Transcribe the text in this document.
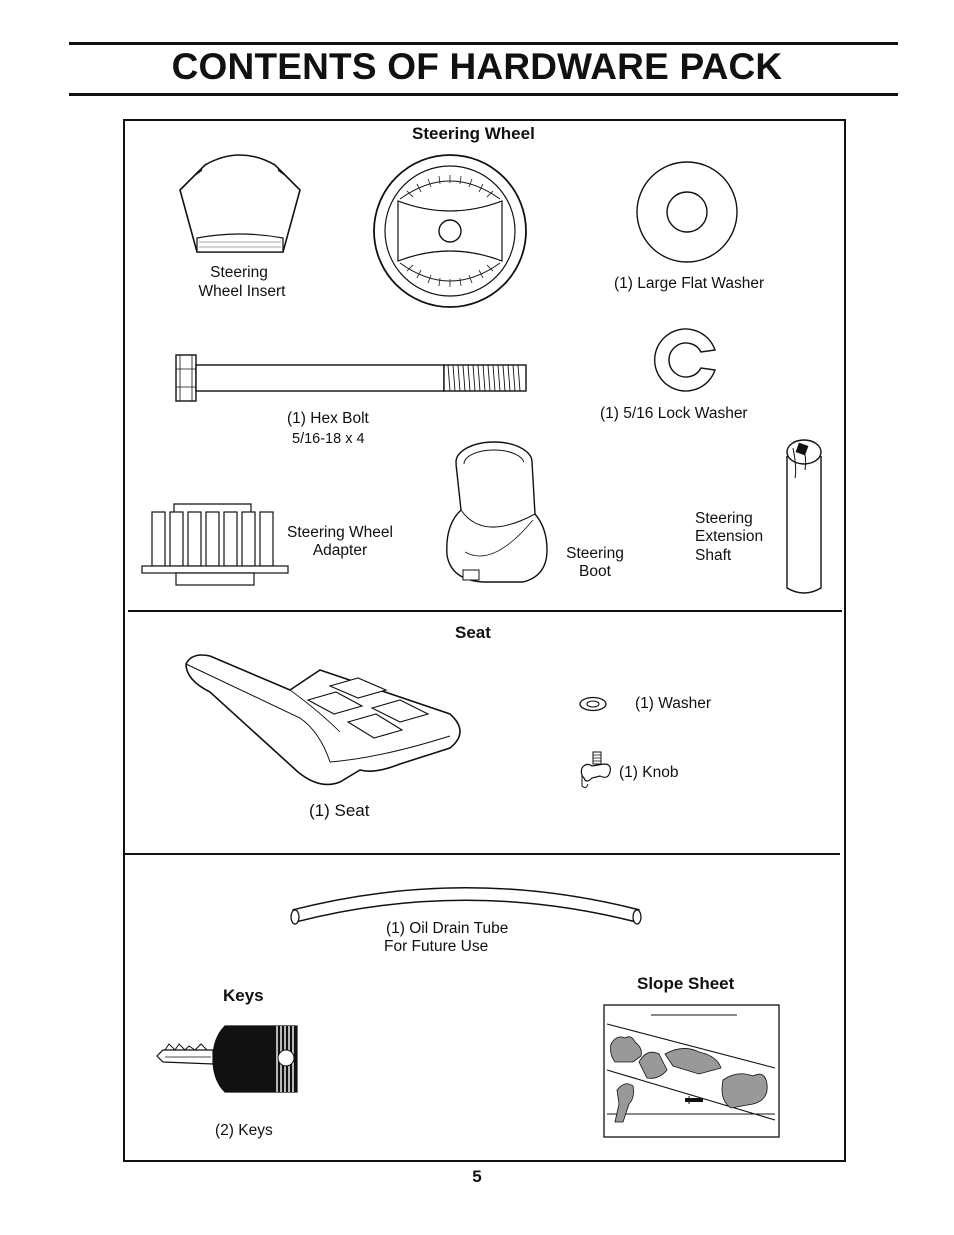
CONTENTS OF HARDWARE PACK
Steering Wheel
Steering
Wheel Insert	(1) Large Flat Washer
(1) Hex Bolt
5/16-18 x 4
(1) 5/16 Lock Washer
Steering Wheel
Adapter	Steering
Boot
Steering
Extension
Shaft
Seat
(1) Seat
(1) Washer
(1) Knob
(1) Oil Drain Tube
For Future Use
Keys
(2) Keys
Slope Sheet
5
